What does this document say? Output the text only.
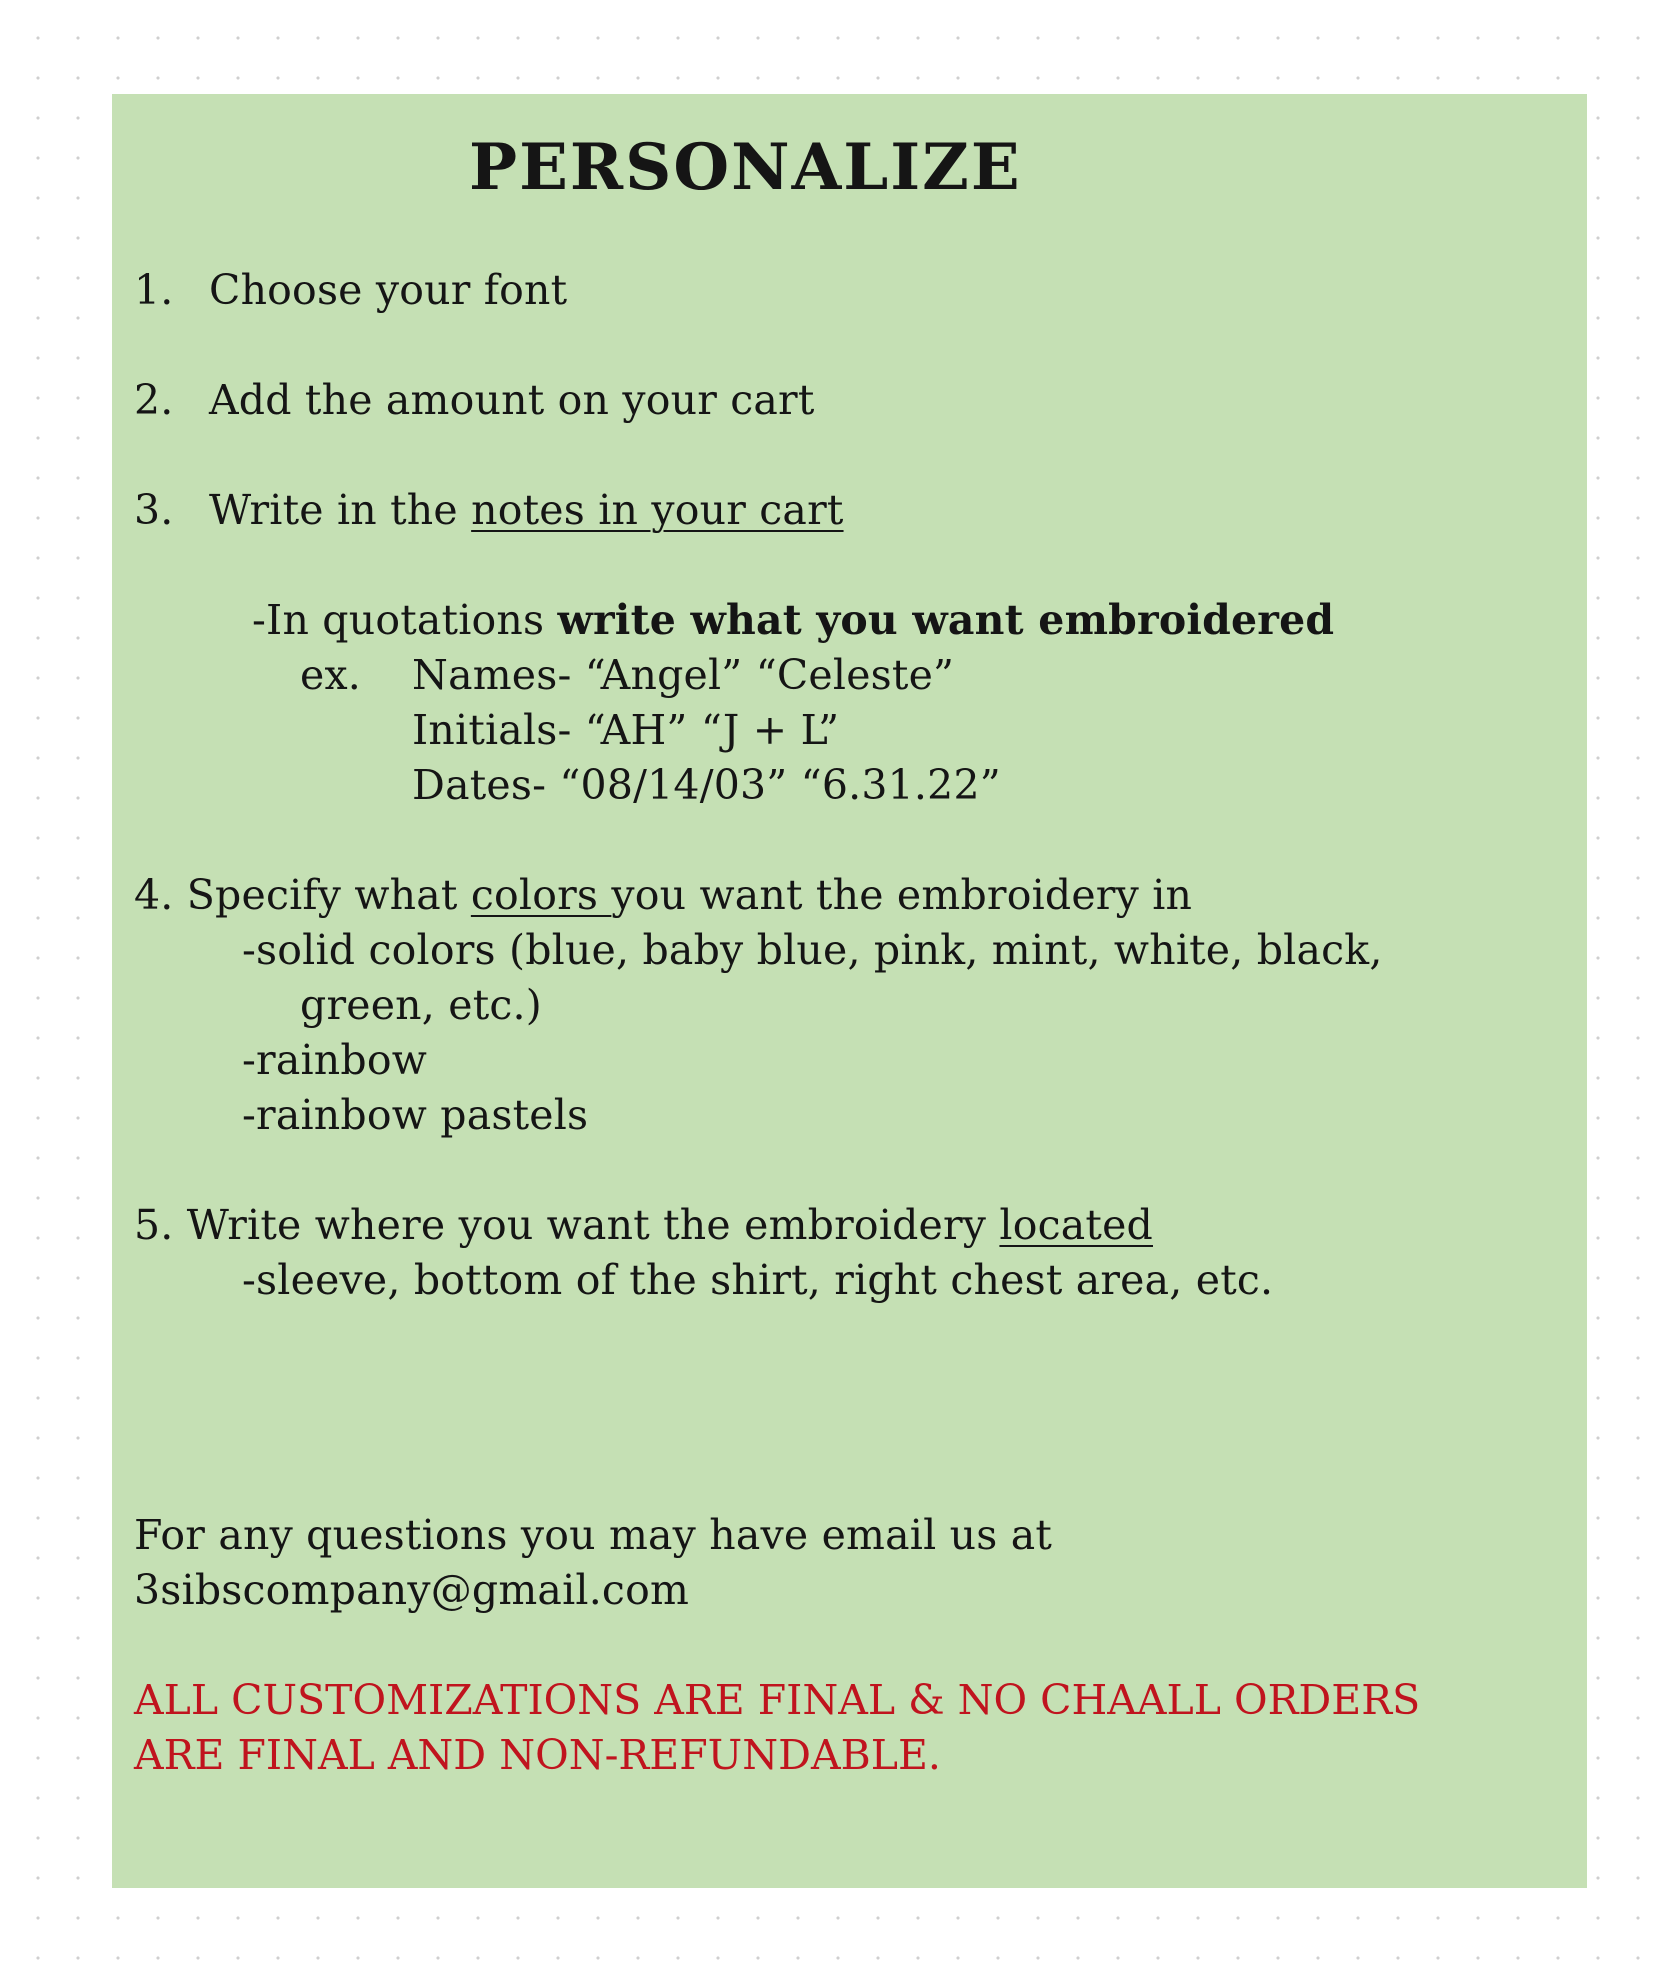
PERSONALIZE
1. Choose your font
2. Add the amount on your cart
3. Write in the notes in your cart
-In quotations write what you want embroidered
ex. Names- “Angel” “Celeste”
Initials- “AH” “J + L”
Dates- “08/14/03” “6.31.22”
4. Specify what colors you want the embroidery in
-solid colors (blue, baby blue, pink, mint, white, black,
green, etc.)
-rainbow
-rainbow pastels
5. Write where you want the embroidery located
-sleeve, bottom of the shirt, right chest area, etc.
For any questions you may have email us at
3sibscompany@gmail.com
ALL CUSTOMIZATIONS ARE FINAL & NO CHAALL ORDERS
ARE FINAL AND NON-REFUNDABLE.
